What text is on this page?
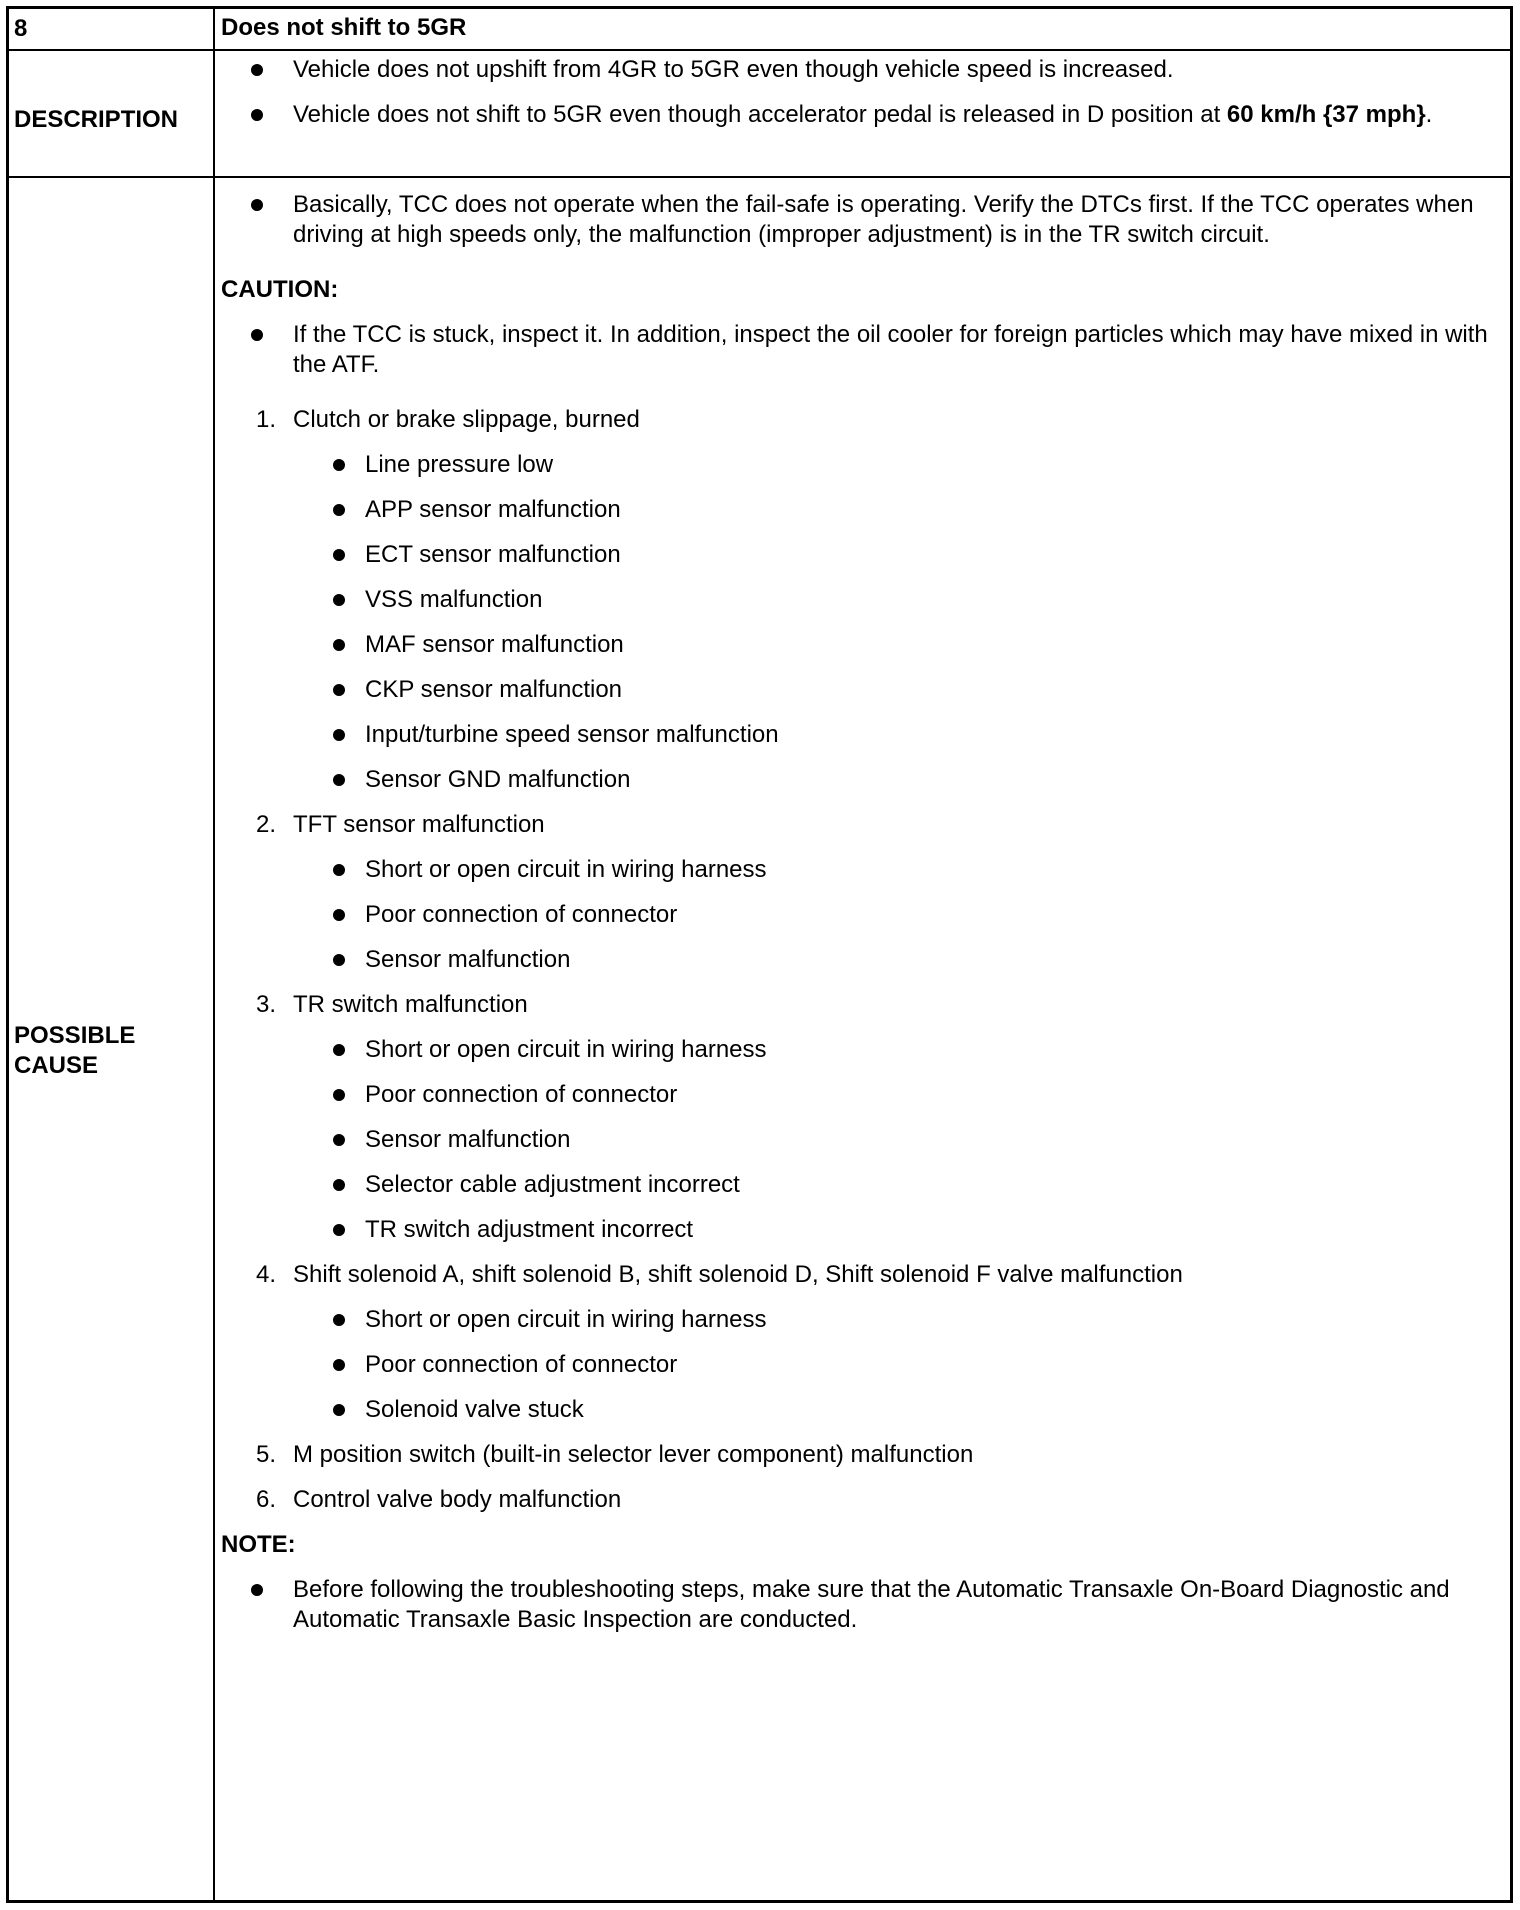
8	Does not shift to 5GR
DESCRIPTION
Vehicle does not upshift from 4GR to 5GR even though vehicle speed is increased.
Vehicle does not shift to 5GR even though accelerator pedal is released in D position at 60 km/h {37 mph}.
POSSIBLE CAUSE
Basically, TCC does not operate when the fail-safe is operating. Verify the DTCs first. If the TCC operates when driving at high speeds only, the malfunction (improper adjustment) is in the TR switch circuit.
CAUTION:
If the TCC is stuck, inspect it. In addition, inspect the oil cooler for foreign particles which may have mixed in with the ATF.
1. Clutch or brake slippage, burned
Line pressure low
APP sensor malfunction
ECT sensor malfunction
VSS malfunction
MAF sensor malfunction
CKP sensor malfunction
Input/turbine speed sensor malfunction
Sensor GND malfunction
2. TFT sensor malfunction
Short or open circuit in wiring harness
Poor connection of connector
Sensor malfunction
3. TR switch malfunction
Short or open circuit in wiring harness
Poor connection of connector
Sensor malfunction
Selector cable adjustment incorrect
TR switch adjustment incorrect
4. Shift solenoid A, shift solenoid B, shift solenoid D, Shift solenoid F valve malfunction
Short or open circuit in wiring harness
Poor connection of connector
Solenoid valve stuck
5. M position switch (built-in selector lever component) malfunction
6. Control valve body malfunction
NOTE:
Before following the troubleshooting steps, make sure that the Automatic Transaxle On-Board Diagnostic and Automatic Transaxle Basic Inspection are conducted.
